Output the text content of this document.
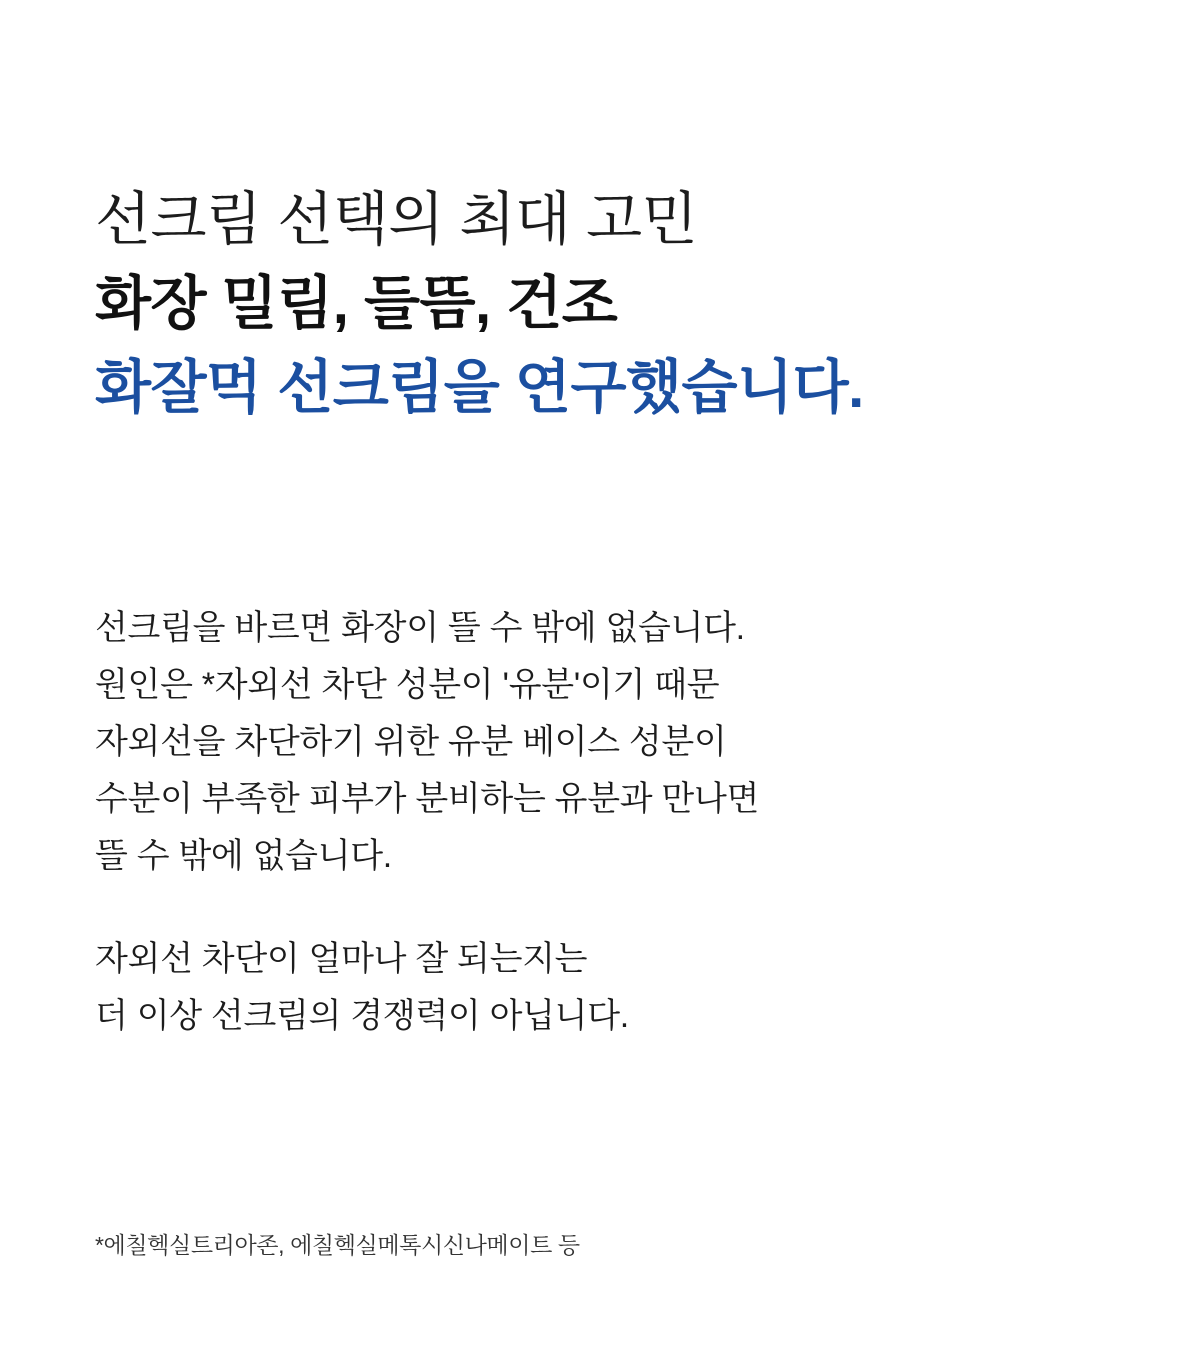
선크림 선택의 최대 고민
화장 밀림, 들뜸, 건조
화잘먹 선크림을 연구했습니다.
선크림을 바르면 화장이 뜰 수 밖에 없습니다.
원인은 *자외선 차단 성분이 '유분'이기 때문
자외선을 차단하기 위한 유분 베이스 성분이
수분이 부족한 피부가 분비하는 유분과 만나면
뜰 수 밖에 없습니다.
자외선 차단이 얼마나 잘 되는지는
더 이상 선크림의 경쟁력이 아닙니다.
*에칠헥실트리아존, 에칠헥실메톡시신나메이트 등
